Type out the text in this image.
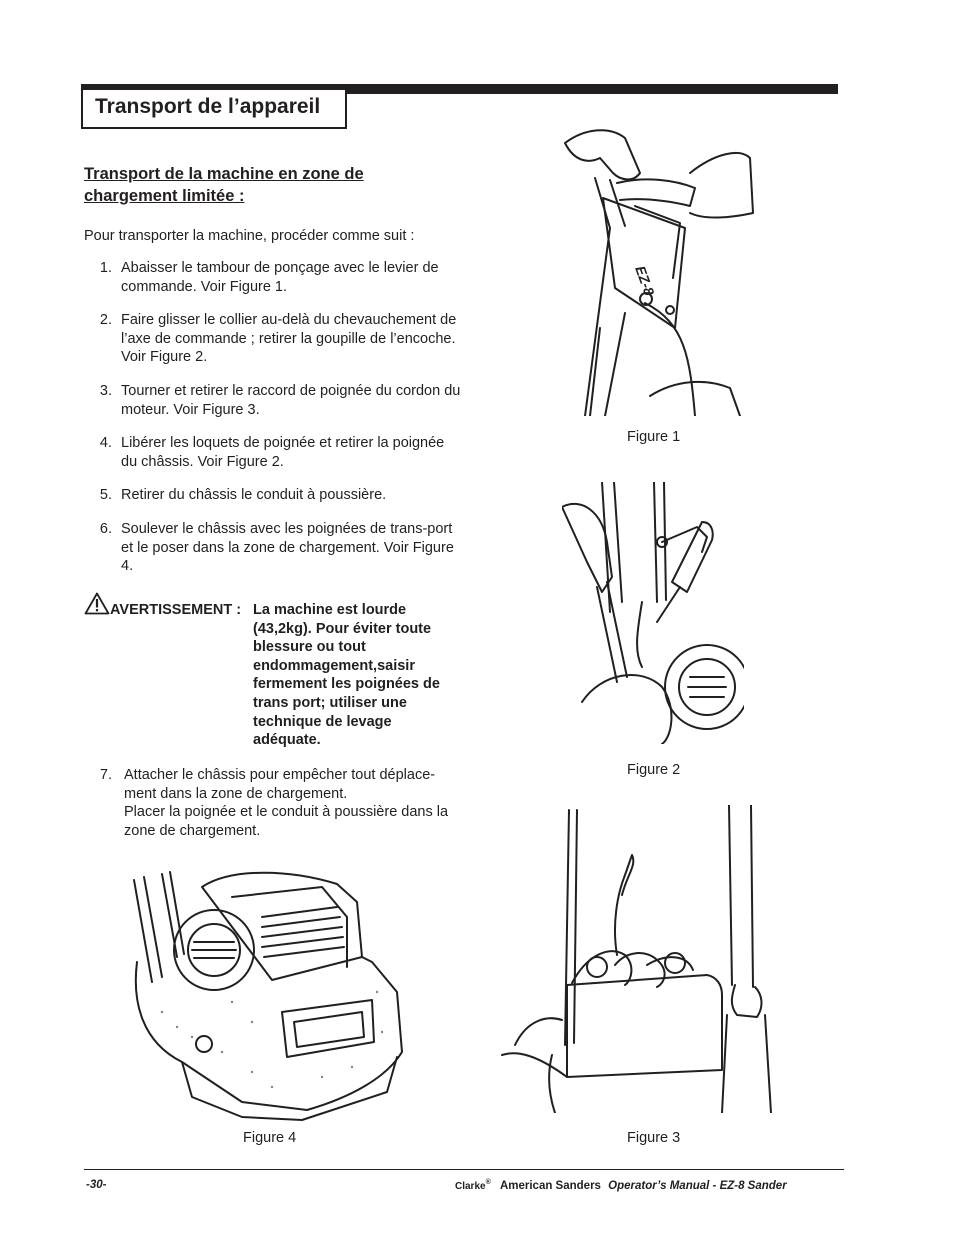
Transport de l’appareil
Transport de la machine en zone de chargement limitée :

Pour transporter la machine, procéder comme suit :

1. Abaisser le tambour de ponçage avec le levier de commande. Voir Figure 1.
2. Faire glisser le collier au-delà du chevauchement de l’axe de commande ; retirer la goupille de l’encoche. Voir Figure 2.
3. Tourner et retirer le raccord de poignée du cordon du moteur. Voir Figure 3.
4. Libérer les loquets de poignée et retirer la poignée du châssis. Voir Figure 2.
5. Retirer du châssis le conduit à poussière.
6. Soulever le châssis avec les poignées de trans-port et le poser dans la zone de chargement. Voir Figure 4.
AVERTISSEMENT : La machine est lourde (43,2kg). Pour éviter toute blessure ou tout endommagement,saisir fermement les poignées de trans port; utiliser une technique de levage adéquate.
7. Attacher le châssis pour empêcher tout déplace-ment dans la zone de chargement.
Placer la poignée et le conduit à poussière dans la zone de chargement.
EZ-8
Figure 1
Figure 2
Figure 3
Figure 4
-30-	Clarke® American Sanders Operator’s Manual - EZ-8 Sander
